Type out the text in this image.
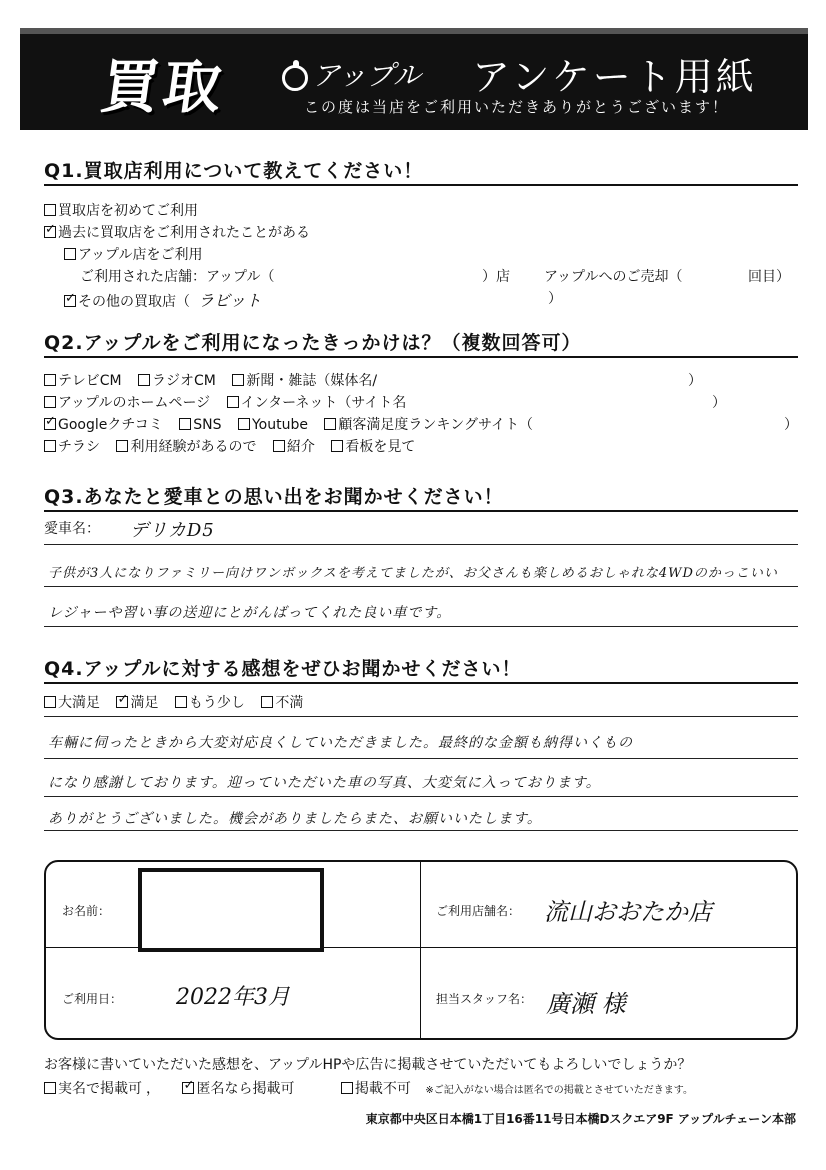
買取	アップル アンケート用紙
この度は当店をご利用いただきありがとうございます！
Q1.買取店利用について教えてください！
買取店を初めてご利用
✓過去に買取店をご利用されたことがある
アップル店をご利用
ご利用された店舗：アップル（	）店 アップルへのご売却（	回目）
✓その他の買取店（ ラビット	）
Q2.アップルをご利用になったきっかけは？（複数回答可）
テレビCM ラジオCM 新聞・雑誌（媒体名/	）
アップルのホームページ インターネット（サイト名	）
✓Googleクチコミ SNS Youtube 顧客満足度ランキングサイト（	）
チラシ 利用経験があるので 紹介 看板を見て
Q3.あなたと愛車との思い出をお聞かせください！
愛車名： デリカD5
子供が3人になりファミリー向けワンボックスを考えてましたが、お父さんも楽しめるおしゃれな4WDのかっこいい
レジャーや習い事の送迎にとがんばってくれた良い車です。
Q4.アップルに対する感想をぜひお聞かせください！
大満足 ✓ 満足 もう少し 不満
车輛に伺ったときから大変対応良くしていただきました。最終的な金額も納得いくもの
になり感謝しております。迎っていただいた車の写真、大変気に入っております。
ありがとうございました。機会がありましたらまた、お願いいたします。
お名前：	ご利用店舗名： 流山おおたか店
ご利用日： 2022年3月	担当スタッフ名： 廣瀬 様
お客様に書いていただいた感想を、アップルHPや広告に掲載させていただいてもよろしいでしょうか？
実名で掲載可 ， ✓	匿名なら掲載可	掲載不可 ※ご記入がない場合は匿名での掲載とさせていただきます。
東京都中央区日本橋1丁目16番11号日本橋Dスクエア9F アップルチェーン本部
